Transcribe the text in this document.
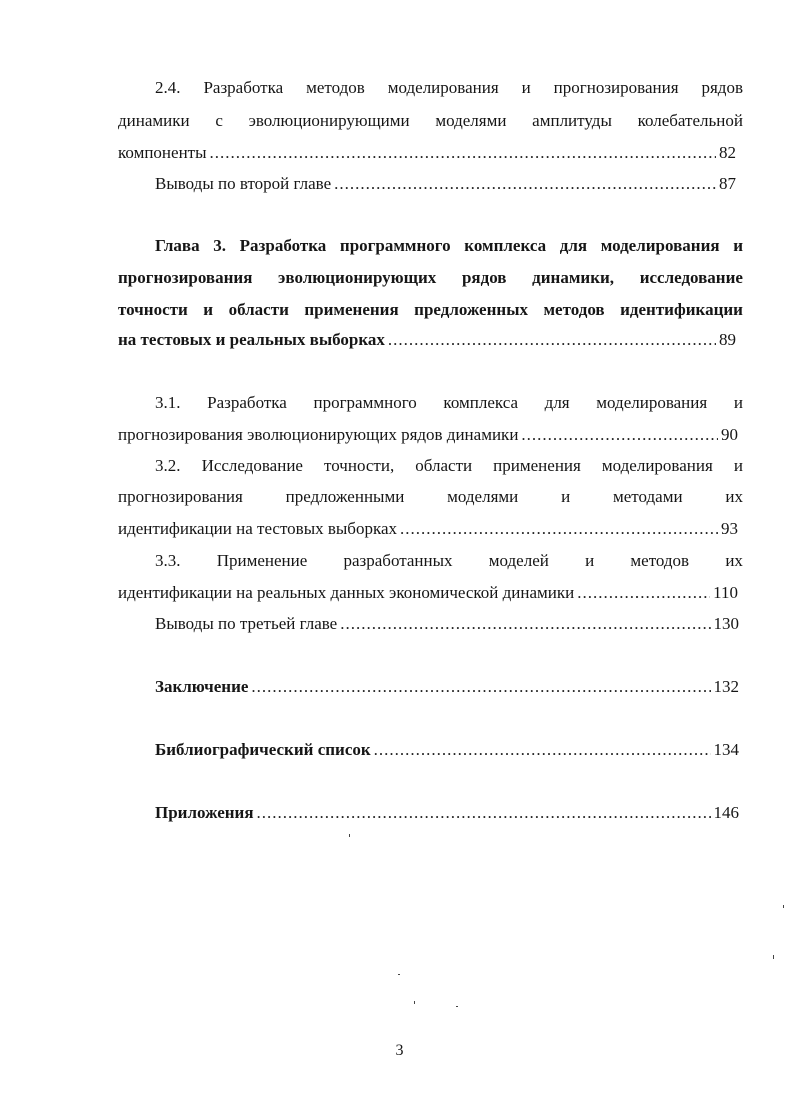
2.4. Разработка методов моделирования и прогнозирования рядов
динамики с эволюционирующими моделями амплитуды колебательной
компоненты .....	82
Выводы по второй главе .....	87
Глава 3. Разработка программного комплекса для моделирования и
прогнозирования эволюционирующих рядов динамики, исследование
точности и области применения предложенных методов идентификации
на тестовых и реальных выборках .....	89
3.1. Разработка программного комплекса для моделирования и
прогнозирования эволюционирующих рядов динамики .....	90
3.2. Исследование точности, области применения моделирования и
прогнозирования	предложенными	моделями	и	методами	их
идентификации на тестовых выборках .....	93
3.3. Применение разработанных моделей и методов их
идентификации на реальных данных экономической динамики .....	110
Выводы по третьей главе .....	130
Заключение .....	132
Библиографический список .....	134
Приложения .....	146
3
